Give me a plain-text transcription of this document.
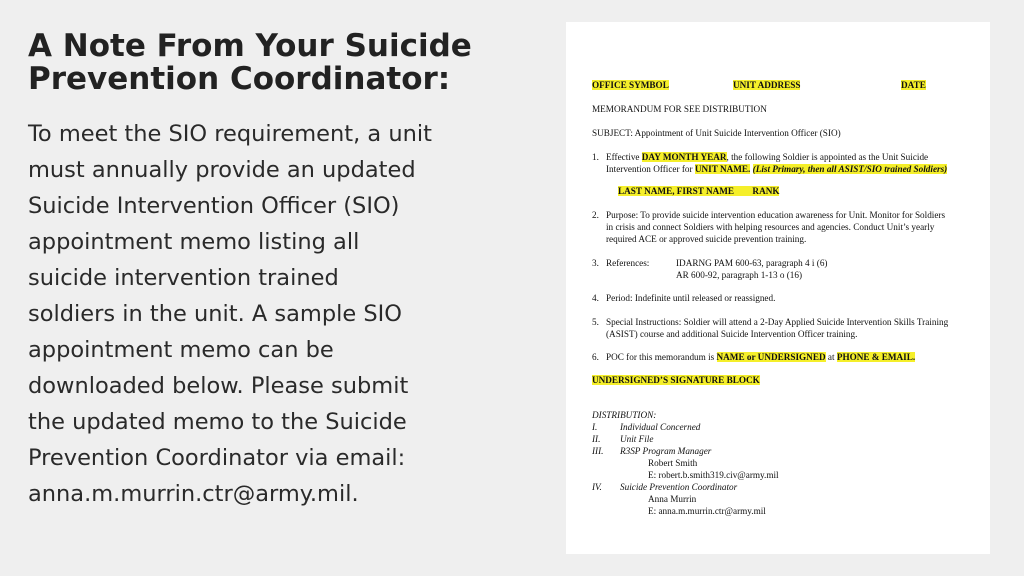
A Note From Your Suicide
Prevention Coordinator:
To meet the SIO requirement, a unit
must annually provide an updated
Suicide Intervention Officer (SIO)
appointment memo listing all
suicide intervention trained
soldiers in the unit. A sample SIO
appointment memo can be
downloaded below. Please submit
the updated memo to the Suicide
Prevention Coordinator via email:
anna.m.murrin.ctr@army.mil.
OFFICE SYMBOL	UNIT ADDRESS	DATE
MEMORANDUM FOR SEE DISTRIBUTION
SUBJECT: Appointment of Unit Suicide Intervention Officer (SIO)
1. Effective DAY MONTH YEAR, the following Soldier is appointed as the Unit Suicide
Intervention Officer for UNIT NAME. (List Primary, then all ASIST/SIO trained Soldiers)
LAST NAME, FIRST NAME        RANK
2. Purpose: To provide suicide intervention education awareness for Unit. Monitor for Soldiers
in crisis and connect Soldiers with helping resources and agencies. Conduct Unit’s yearly
required ACE or approved suicide prevention training.
3. References:	IDARNG PAM 600-63, paragraph 4 i (6)
AR 600-92, paragraph 1-13 o (16)
4. Period: Indefinite until released or reassigned.
5. Special Instructions: Soldier will attend a 2-Day Applied Suicide Intervention Skills Training
(ASIST) course and additional Suicide Intervention Officer training.
6. POC for this memorandum is NAME or UNDERSIGNED at PHONE & EMAIL.
UNDERSIGNED’S SIGNATURE BLOCK
DISTRIBUTION:
I. Individual Concerned
II. Unit File
III. R3SP Program Manager
Robert Smith
E: robert.b.smith319.civ@army.mil
IV. Suicide Prevention Coordinator
Anna Murrin
E: anna.m.murrin.ctr@army.mil
